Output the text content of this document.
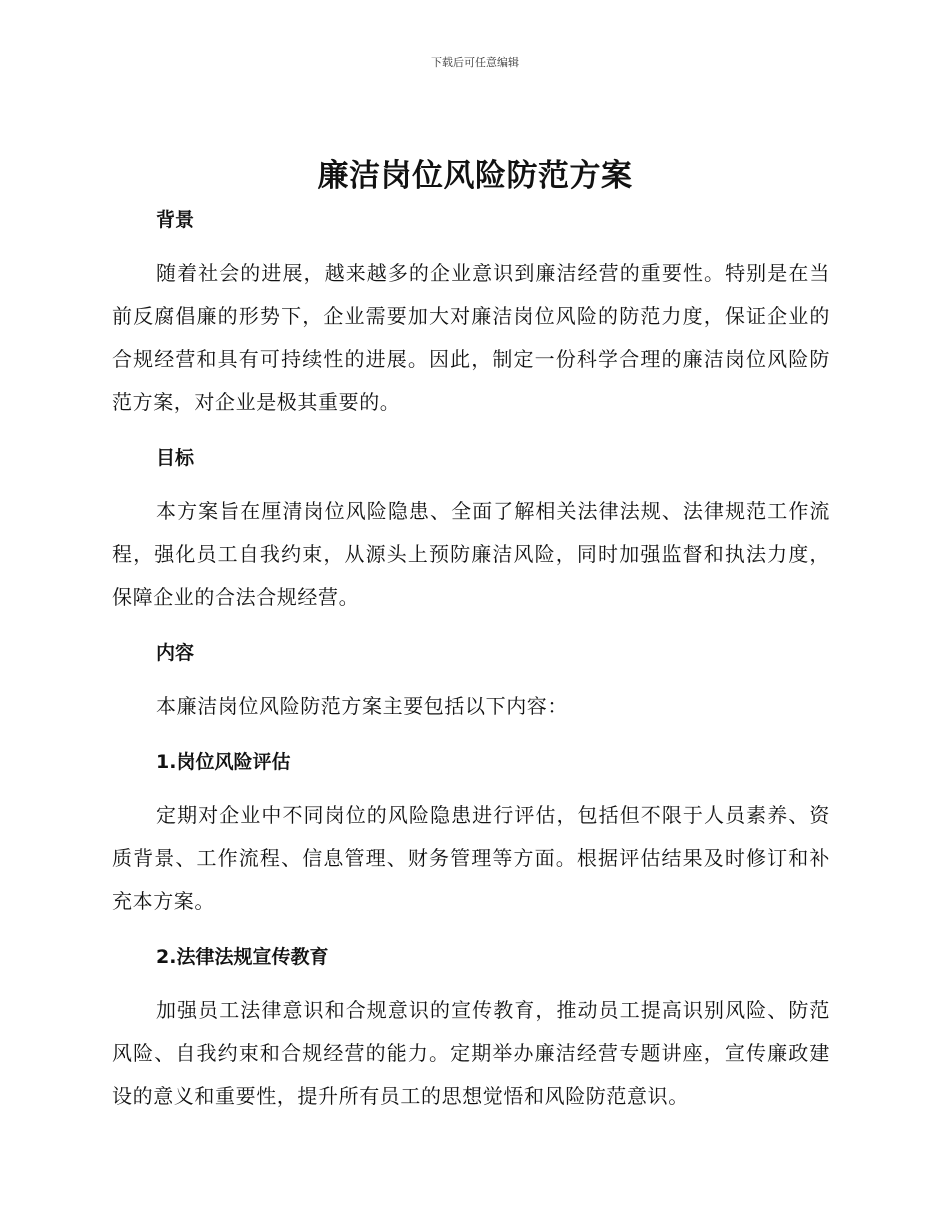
下载后可任意编辑
廉洁岗位风险防范方案
背景

随着社会的进展，越来越多的企业意识到廉洁经营的重要性。特别是在当前反腐倡廉的形势下，企业需要加大对廉洁岗位风险的防范力度，保证企业的合规经营和具有可持续性的进展。因此，制定一份科学合理的廉洁岗位风险防范方案，对企业是极其重要的。

目标

本方案旨在厘清岗位风险隐患、全面了解相关法律法规、法律规范工作流程，强化员工自我约束，从源头上预防廉洁风险，同时加强监督和执法力度，保障企业的合法合规经营。

内容

本廉洁岗位风险防范方案主要包括以下内容：

1.岗位风险评估

定期对企业中不同岗位的风险隐患进行评估，包括但不限于人员素养、资质背景、工作流程、信息管理、财务管理等方面。根据评估结果及时修订和补充本方案。

2.法律法规宣传教育

加强员工法律意识和合规意识的宣传教育，推动员工提高识别风险、防范风险、自我约束和合规经营的能力。定期举办廉洁经营专题讲座，宣传廉政建设的意义和重要性，提升所有员工的思想觉悟和风险防范意识。
